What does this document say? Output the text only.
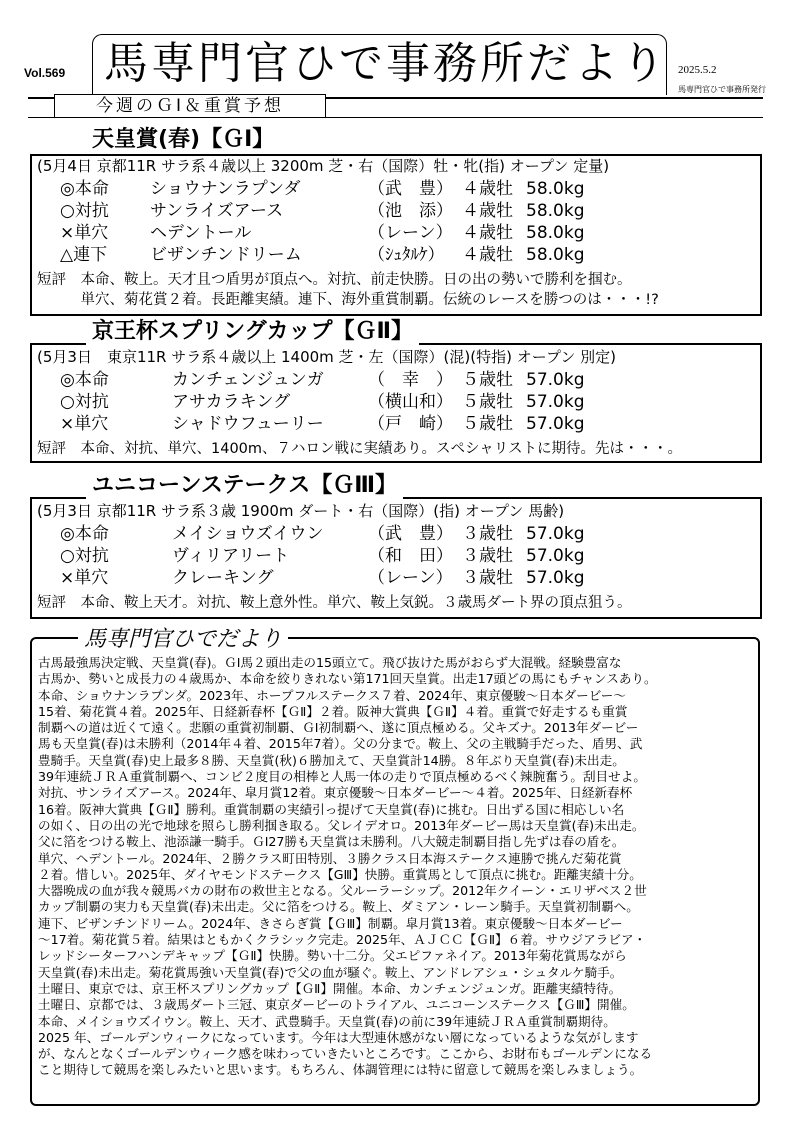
Vol.569 馬専門官ひで事務所だより 2025.5.2
馬専門官ひで事務所発行
今週のＧⅠ＆重賞予想
(5月4日 京都11R サラ系４歳以上 3200m 芝・右（国際）牡・牝(指) オープン 定量)
◎本命 ショウナンラプンダ	（武　豊） ４歳牡 58.0kg
○対抗 サンライズアース	（池　添） ４歳牡 58.0kg
×単穴 ヘデントール	（レーン） ４歳牡 58.0kg
△連下	ビザンチンドリーム	（ｼｭﾀﾙｹ） ４歳牡 58.0kg
短評　本命、鞍上。天才且つ盾男が頂点へ。対抗、前走快勝。日の出の勢いで勝利を掴む。
　　　単穴、菊花賞２着。長距離実績。連下、海外重賞制覇。伝統のレースを勝つのは・・・!?
天皇賞(春)【ＧⅠ】
(5月3日　東京11R サラ系４歳以上 1400m 芝・左（国際）(混)(特指) オープン 別定)
◎本命	カンチェンジュンガ	（　幸　） ５歳牡 57.0kg
○対抗	アサカラキング	（横山和） ５歳牡 57.0kg
×単穴	シャドウフューリー	（戸　崎） ５歳牡 57.0kg
短評　本命、対抗、単穴、1400m、７ハロン戦に実績あり。スペシャリストに期待。先は・・・。
京王杯スプリングカップ【ＧⅡ】
(5月3日 京都11R サラ系３歳 1900m ダート・右（国際）(指) オープン 馬齢)
◎本命	メイショウズイウン	（武　豊） ３歳牡 57.0kg
○対抗	ヴィリアリート	（和　田） ３歳牡 57.0kg
×単穴	クレーキング	（レーン） ３歳牡 57.0kg
短評　本命、鞍上天才。対抗、鞍上意外性。単穴、鞍上気鋭。３歳馬ダート界の頂点狙う。
ユニコーンステークス【ＧⅢ】
馬専門官ひでだより

古馬最強馬決定戦、天皇賞(春)。ＧⅠ馬２頭出走の15頭立て。飛び抜けた馬がおらず大混戦。経験豊富な

古馬か、勢いと成長力の４歳馬か、本命を絞りきれない第171回天皇賞。出走17頭どの馬にもチャンスあり。

本命、ショウナンラプンダ。2023年、ホープフルステークス７着、2024年、東京優駿～日本ダービー～

15着、菊花賞４着。2025年、日経新春杯【ＧⅡ】２着。阪神大賞典【ＧⅡ】４着。重賞で好走するも重賞

制覇への道は近くて遠く。悲願の重賞初制覇、ＧⅠ初制覇へ、遂に頂点極める。父キズナ。2013年ダービー

馬も天皇賞(春)は未勝利（2014年４着、2015年7着）。父の分まで。鞍上、父の主戦騎手だった、盾男、武

豊騎手。天皇賞(春)史上最多８勝、天皇賞(秋)６勝加えて、天皇賞計14勝。８年ぶり天皇賞(春)未出走。

39年連続ＪＲＡ重賞制覇へ、コンビ２度目の相棒と人馬一体の走りで頂点極めるべく辣腕奮う。刮目せよ。

対抗、サンライズアース。2024年、皐月賞12着。東京優駿～日本ダービー～４着。2025年、日経新春杯

16着。阪神大賞典【ＧⅡ】勝利。重賞制覇の実績引っ提げて天皇賞(春)に挑む。日出ずる国に相応しい名

の如く、日の出の光で地球を照らし勝利掴き取る。父レイデオロ。2013年ダービー馬は天皇賞(春)未出走。

父に箔をつける鞍上、池添謙一騎手。ＧⅠ27勝も天皇賞は未勝利。八大競走制覇目指し先ずは春の盾を。

単穴、ヘデントール。2024年、２勝クラス町田特別、３勝クラス日本海ステークス連勝で挑んだ菊花賞

２着。惜しい。2025年、ダイヤモンドステークス【GⅢ】快勝。重賞馬として頂点に挑む。距離実績十分。

大器晩成の血が我々競馬バカの財布の救世主となる。父ルーラーシップ。2012年クイーン・エリザベス２世

カップ制覇の実力も天皇賞(春)未出走。父に箔をつける。鞍上、ダミアン・レーン騎手。天皇賞初制覇へ。

連下、ビザンチンドリーム。2024年、きさらぎ賞【ＧⅢ】制覇。皐月賞13着。東京優駿～日本ダービー

～17着。菊花賞５着。結果はともかくクラシック完走。2025年、ＡＪＣＣ【ＧⅡ】６着。サウジアラビア・

レッドシーターフハンデキャップ【ＧⅡ】快勝。勢い十二分。父エピファネイア。2013年菊花賞馬ながら

天皇賞(春)未出走。菊花賞馬強い天皇賞(春)で父の血が騒ぐ。鞍上、アンドレアシュ・シュタルケ騎手。

土曜日、東京では、京王杯スプリングカップ【ＧⅡ】開催。本命、カンチェンジュンガ。距離実績特待。

土曜日、京都では、３歳馬ダート三冠、東京ダービーのトライアル、ユニコーンステークス【ＧⅢ】開催。

本命、メイショウズイウン。鞍上、天才、武豊騎手。天皇賞(春)の前に39年連続ＪＲＡ重賞制覇期待。

2025 年、ゴールデンウィークになっています。今年は大型連休感がない層になっているような気がします

が、なんとなくゴールデンウィーク感を味わっていきたいところです。ここから、お財布もゴールデンになる

こと期待して競馬を楽しみたいと思います。もちろん、体調管理には特に留意して競馬を楽しみましょう。
